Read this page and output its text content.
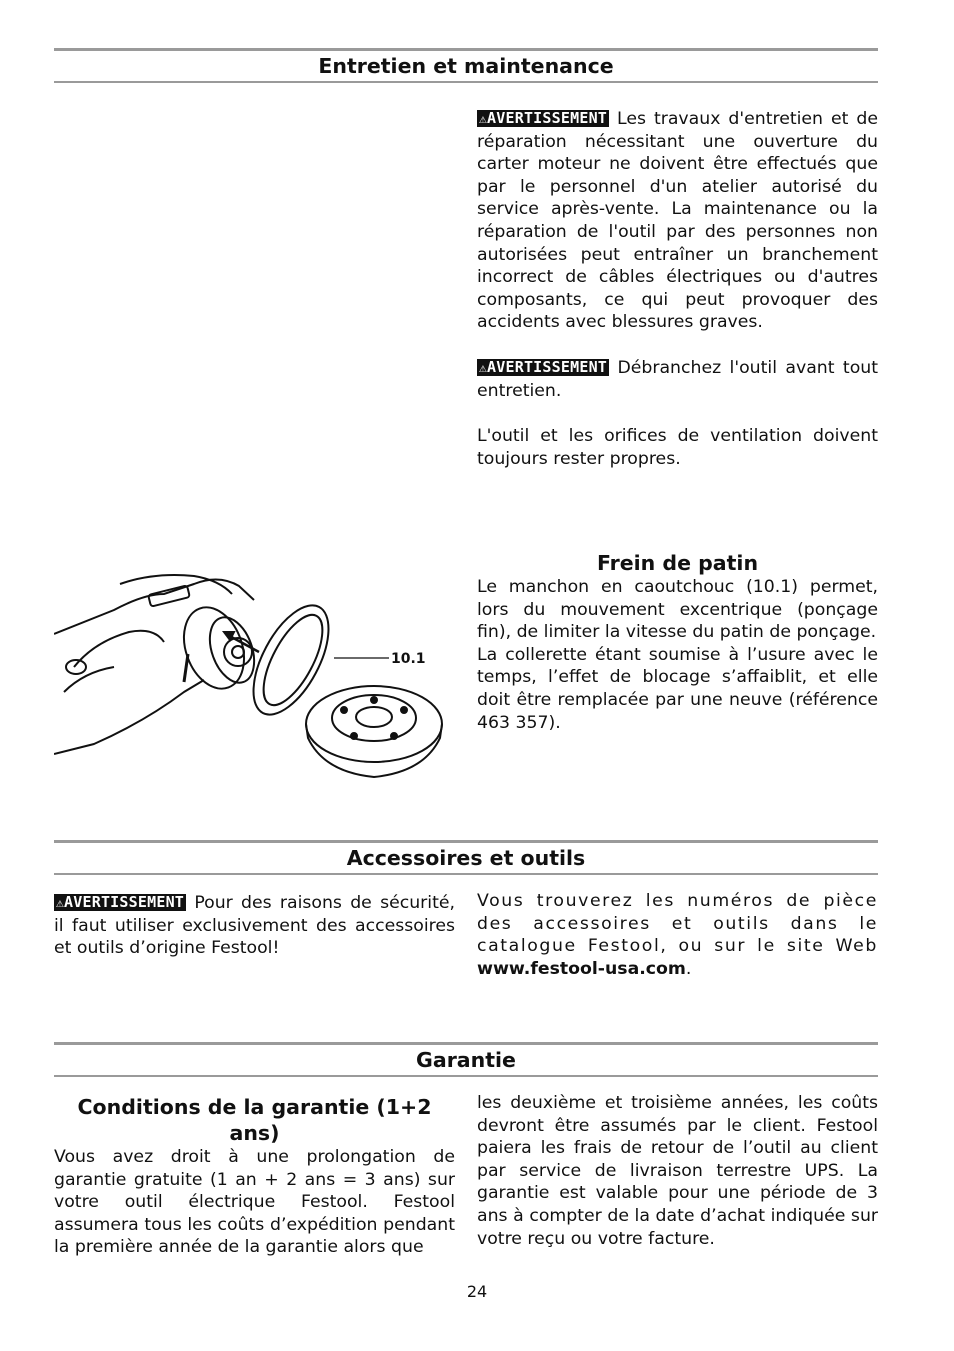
Entretien et maintenance

⚠AVERTISSEMENT Les travaux d'entretien et de réparation nécessitant une ouverture du carter moteur ne doivent être effectués que par le personnel d'un atelier autorisé du service après-vente. La maintenance ou la réparation de l'outil par des personnes non autorisées peut entraîner un branchement incorrect de câbles électriques ou d'autres composants, ce qui peut provoquer des accidents avec blessures graves.

⚠AVERTISSEMENT Débranchez l'outil avant tout entretien.

L'outil et les orifices de ventilation doivent toujours rester propres.

10.1
Frein de patin

Le manchon en caoutchouc (10.1) permet, lors du mouvement excentrique (ponçage fin), de limiter la vitesse du patin de ponçage.

La collerette étant soumise à l’usure avec le temps, l’effet de blocage s’affaiblit, et elle doit être remplacée par une neuve (référence 463 357).

Accessoires et outils

⚠AVERTISSEMENT Pour des raisons de sécurité, il faut utiliser exclusivement des accessoires et outils d’origine Festool!

Vous trouverez les numéros de pièce des accessoires et outils dans le catalogue Festool, ou sur le site Web www.festool-usa.com.

Garantie
Conditions de la garantie (1+2 ans)

Vous avez droit à une prolongation de garantie gratuite (1 an + 2 ans = 3 ans) sur votre outil électrique Festool. Festool assumera tous les coûts d’expédition pendant la première année de la garantie alors que

les deuxième et troisième années, les coûts devront être assumés par le client. Festool paiera les frais de retour de l’outil au client par service de livraison terrestre UPS. La garantie est valable pour une période de 3 ans à compter de la date d’achat indiquée sur votre reçu ou votre facture.

24
